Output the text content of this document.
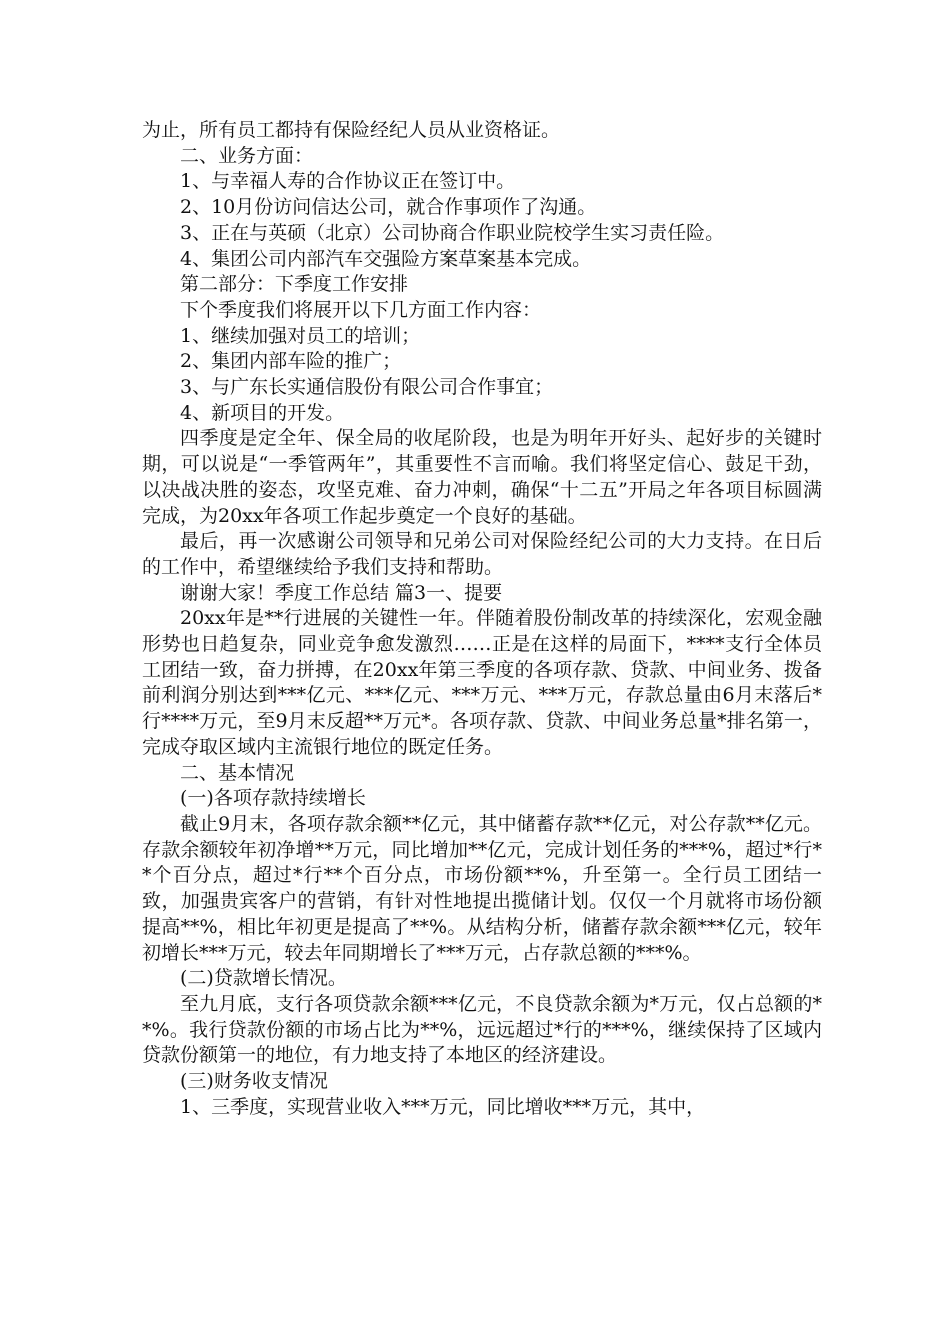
为止，所有员工都持有保险经纪人员从业资格证。

二、业务方面：

1、与幸福人寿的合作协议正在签订中。

2、10月份访问信达公司，就合作事项作了沟通。

3、正在与英硕（北京）公司协商合作职业院校学生实习责任险。

4、集团公司内部汽车交强险方案草案基本完成。

第二部分：下季度工作安排

下个季度我们将展开以下几方面工作内容：

1、继续加强对员工的培训；

2、集团内部车险的推广；

3、与广东长实通信股份有限公司合作事宜；

4、新项目的开发。

四季度是定全年、保全局的收尾阶段，也是为明年开好头、起好步的关键时期，可以说是“一季管两年”，其重要性不言而喻。我们将坚定信心、鼓足干劲，以决战决胜的姿态，攻坚克难、奋力冲刺，确保“十二五”开局之年各项目标圆满完成，为20xx年各项工作起步奠定一个良好的基础。

最后，再一次感谢公司领导和兄弟公司对保险经纪公司的大力支持。在日后的工作中，希望继续给予我们支持和帮助。

谢谢大家！季度工作总结 篇3一、提要

20xx年是**行进展的关键性一年。伴随着股份制改革的持续深化，宏观金融形势也日趋复杂，同业竞争愈发激烈……正是在这样的局面下，****支行全体员工团结一致，奋力拼搏，在20xx年第三季度的各项存款、贷款、中间业务、拨备前利润分别达到***亿元、***亿元、***万元、***万元，存款总量由6月末落后*行****万元，至9月末反超**万元*。各项存款、贷款、中间业务总量*排名第一，完成夺取区域内主流银行地位的既定任务。

二、基本情况

(一)各项存款持续增长

截止9月末，各项存款余额**亿元，其中储蓄存款**亿元，对公存款**亿元。存款余额较年初净增**万元，同比增加**亿元，完成计划任务的***%，超过*行**个百分点，超过*行**个百分点，市场份额**%，升至第一。全行员工团结一致，加强贵宾客户的营销，有针对性地提出揽储计划。仅仅一个月就将市场份额提高**%，相比年初更是提高了**%。从结构分析，储蓄存款余额***亿元，较年初增长***万元，较去年同期增长了***万元，占存款总额的***%。

(二)贷款增长情况。

至九月底，支行各项贷款余额***亿元，不良贷款余额为*万元，仅占总额的**%。我行贷款份额的市场占比为**%，远远超过*行的***%，继续保持了区域内贷款份额第一的地位，有力地支持了本地区的经济建设。

(三)财务收支情况

1、三季度，实现营业收入***万元，同比增收***万元，其中，
